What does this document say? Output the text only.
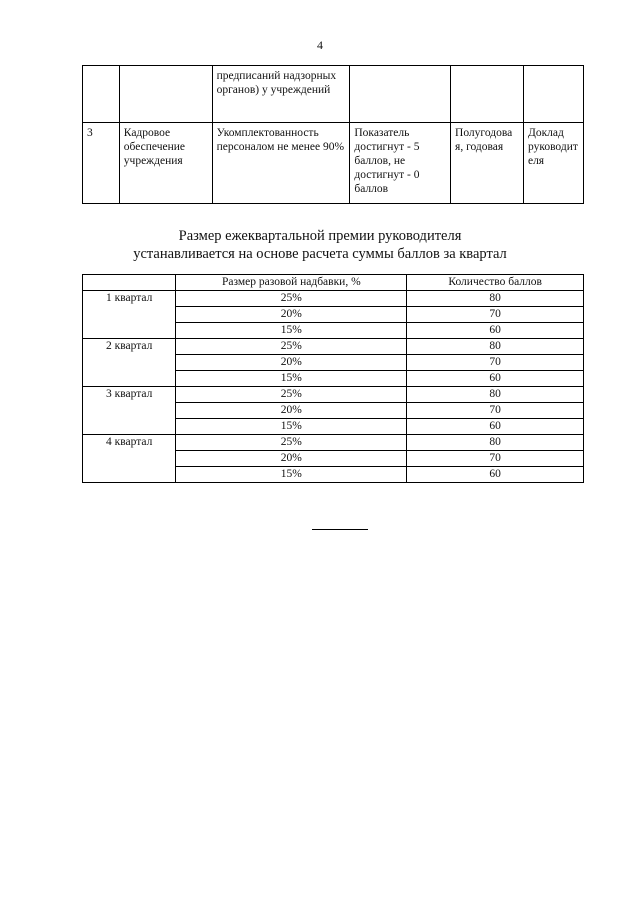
4
		предписаний надзорных органов) у учреждений			
3	Кадровое обеспечение учреждения	Укомплектованность персоналом не менее 90%	Показатель достигнут - 5 баллов, не достигнут - 0 баллов	Полугодова я, годовая	Доклад руководит еля
Размер ежеквартальной премии руководителя
устанавливается на основе расчета суммы баллов за квартал
	Размер разовой надбавки, %	Количество баллов
1 квартал	25%	80
	20%	70
	15%	60
2 квартал	25%	80
	20%	70
	15%	60
3 квартал	25%	80
	20%	70
	15%	60
4 квартал	25%	80
	20%	70
	15%	60
